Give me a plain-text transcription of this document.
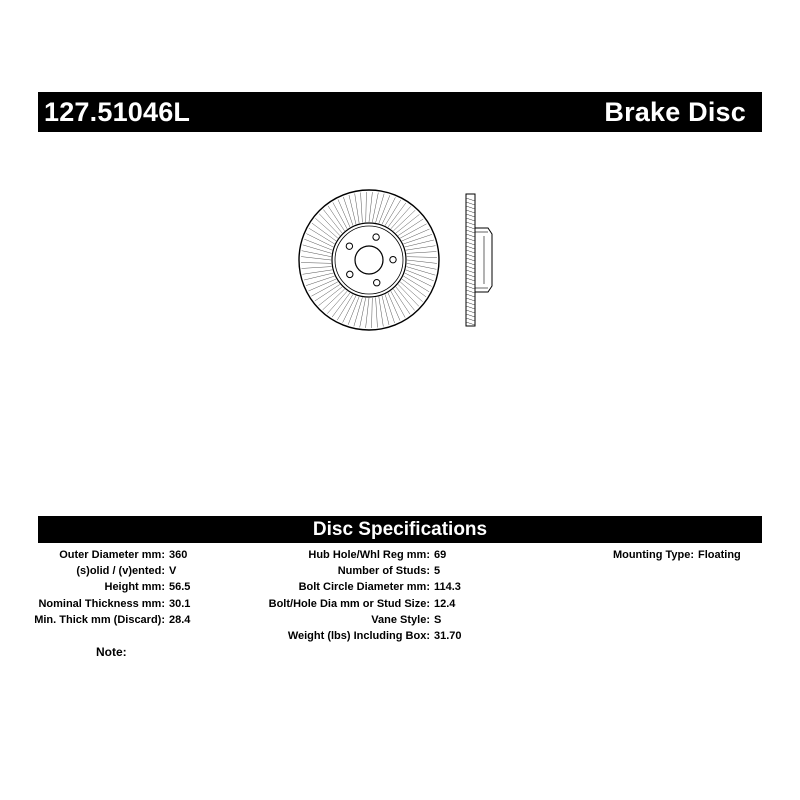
127.51046L	Brake Disc
Disc Specifications
Outer Diameter mm: 360
(s)olid / (v)ented: V
Height mm: 56.5
Nominal Thickness mm: 30.1
Min. Thick mm (Discard): 28.4
Hub Hole/Whl Reg mm: 69
Number of Studs: 5
Bolt Circle Diameter mm: 114.3
Bolt/Hole Dia mm or Stud Size: 12.4
Vane Style: S
Weight (lbs) Including Box: 31.70
Mounting Type: Floating
Note:
